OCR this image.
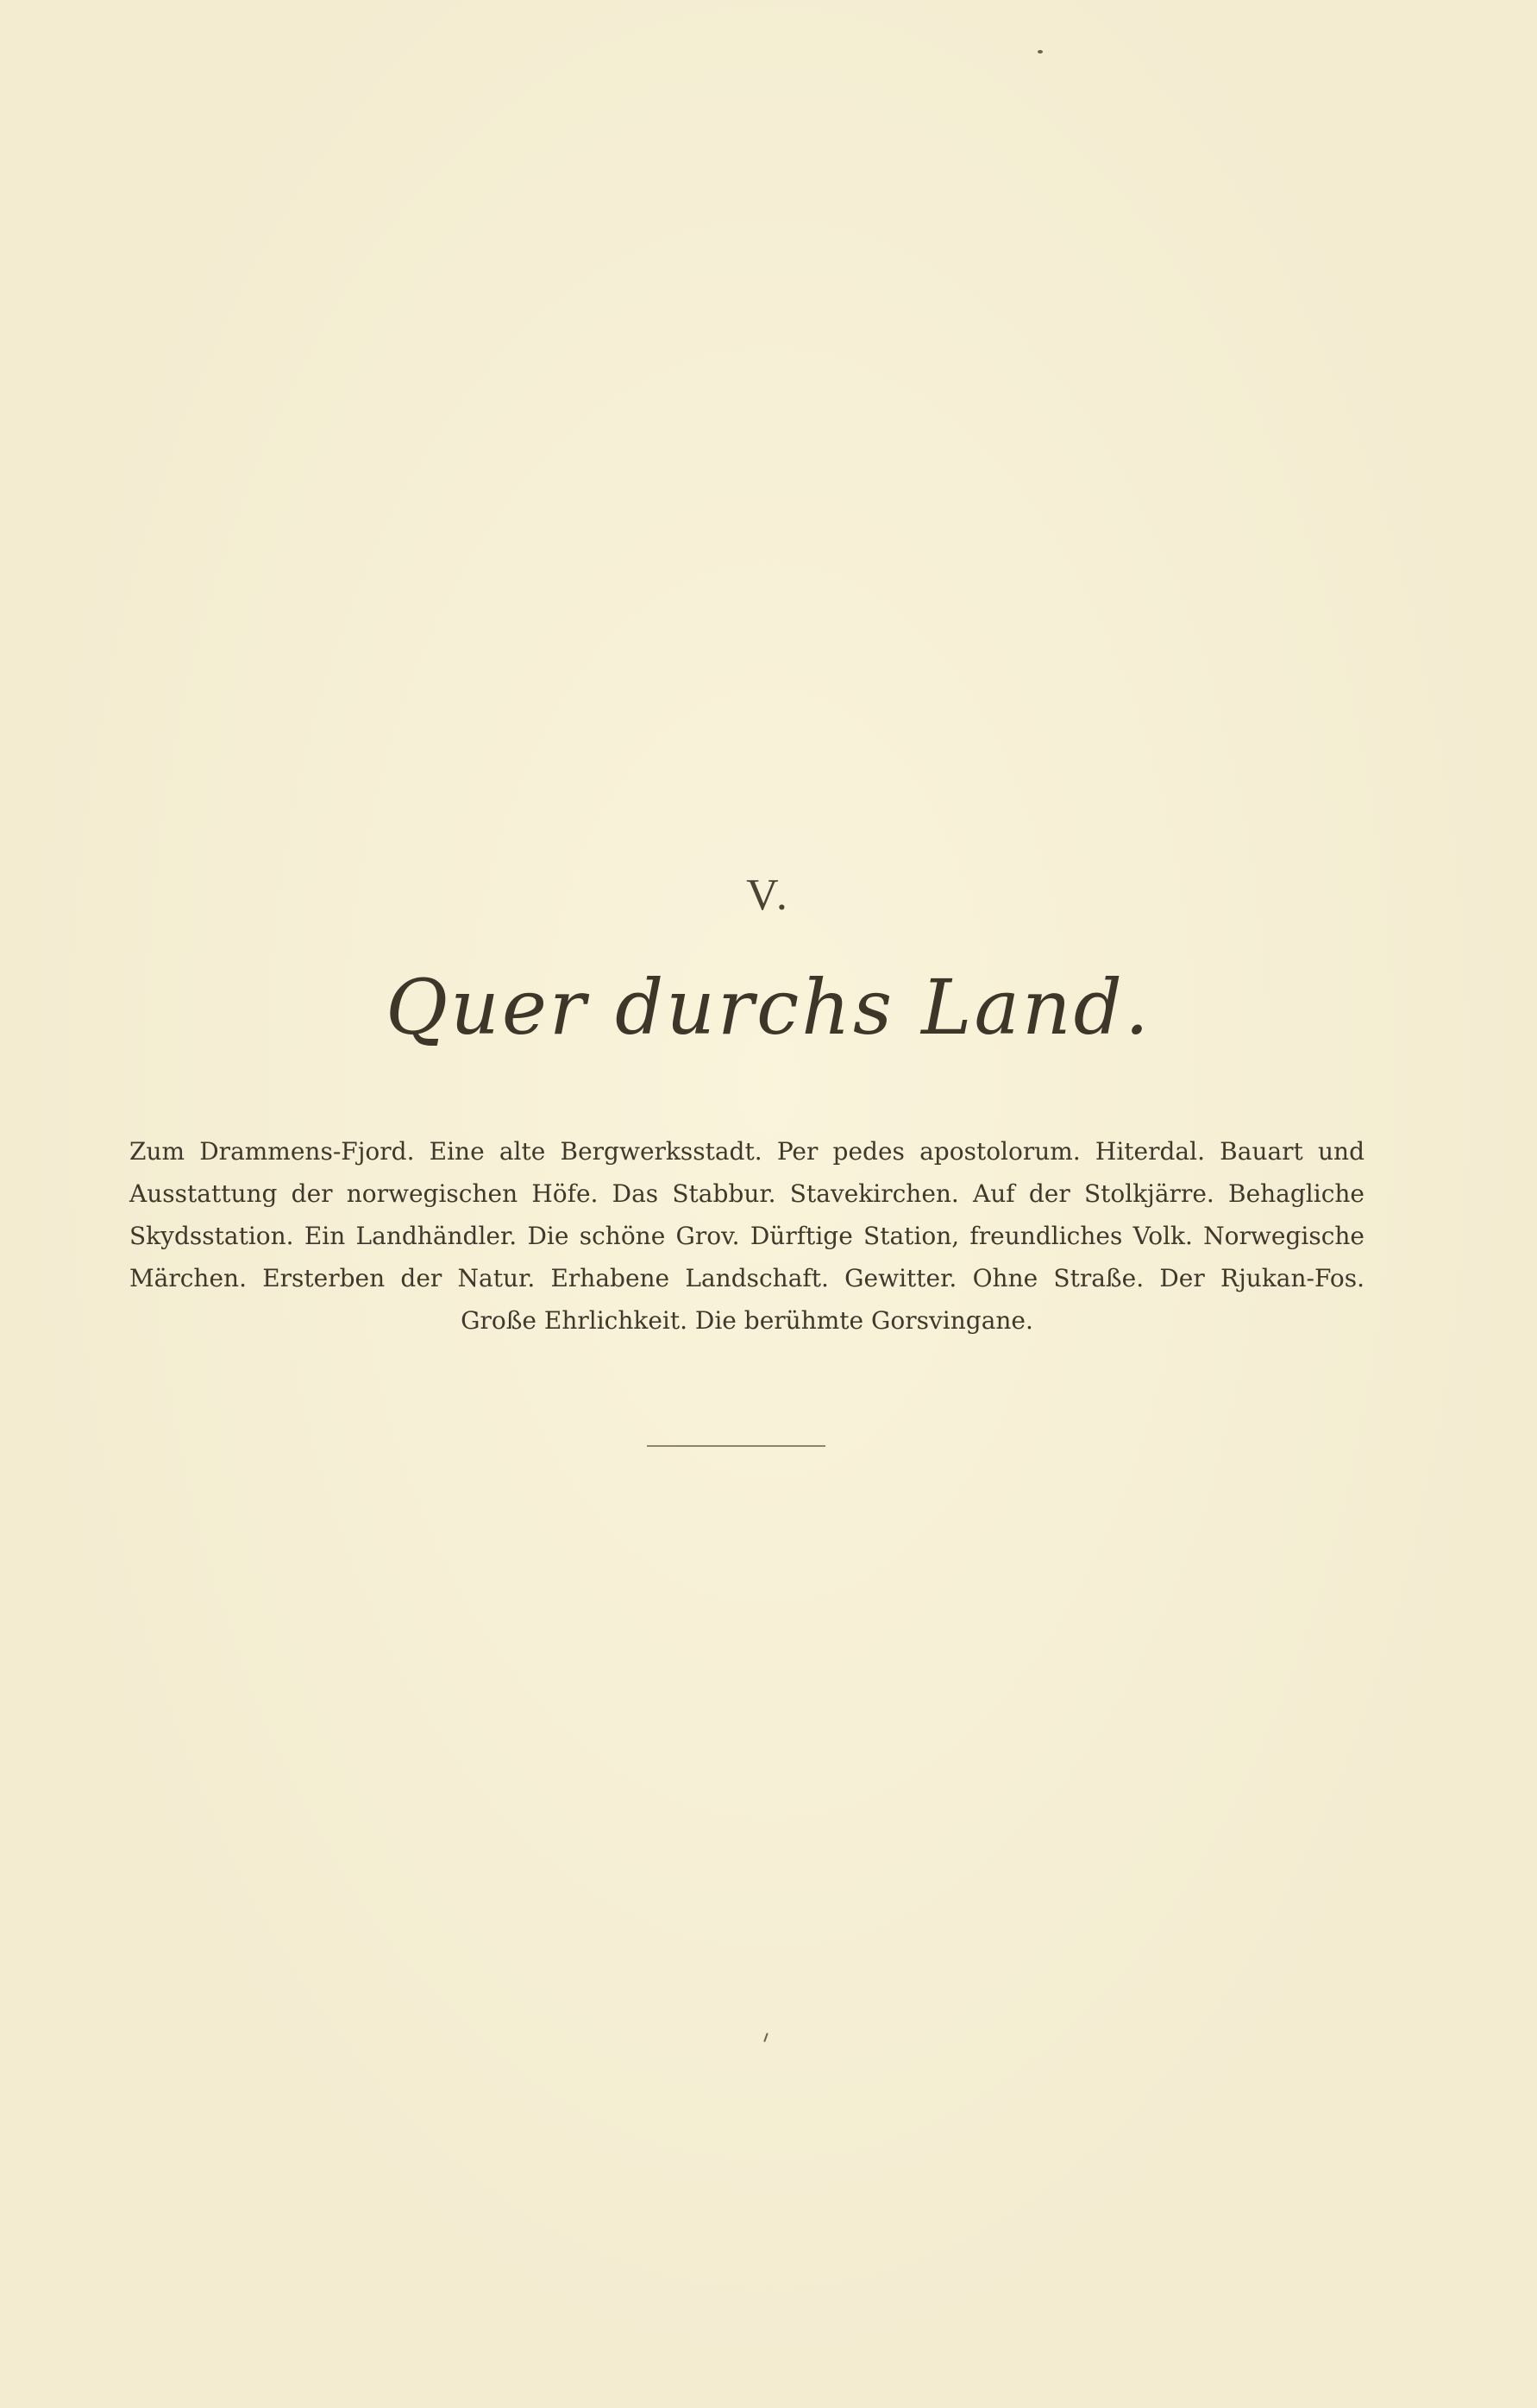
V.
Quer durchs Land.
Zum Drammens-Fjord. Eine alte Bergwerksstadt. Per pedes apostolorum. Hiterdal. Bauart und Ausstattung der norwegischen Höfe. Das Stabbur. Stavekirchen. Auf der Stolkjärre. Behagliche Skydsstation. Ein Landhändler. Die schöne Grov. Dürftige Station, freundliches Volk. Norwegische Märchen. Ersterben der Natur. Erhabene Landschaft. Gewitter. Ohne Straße. Der Rjukan-Fos. Große Ehrlichkeit. Die berühmte Gorsvingane.
